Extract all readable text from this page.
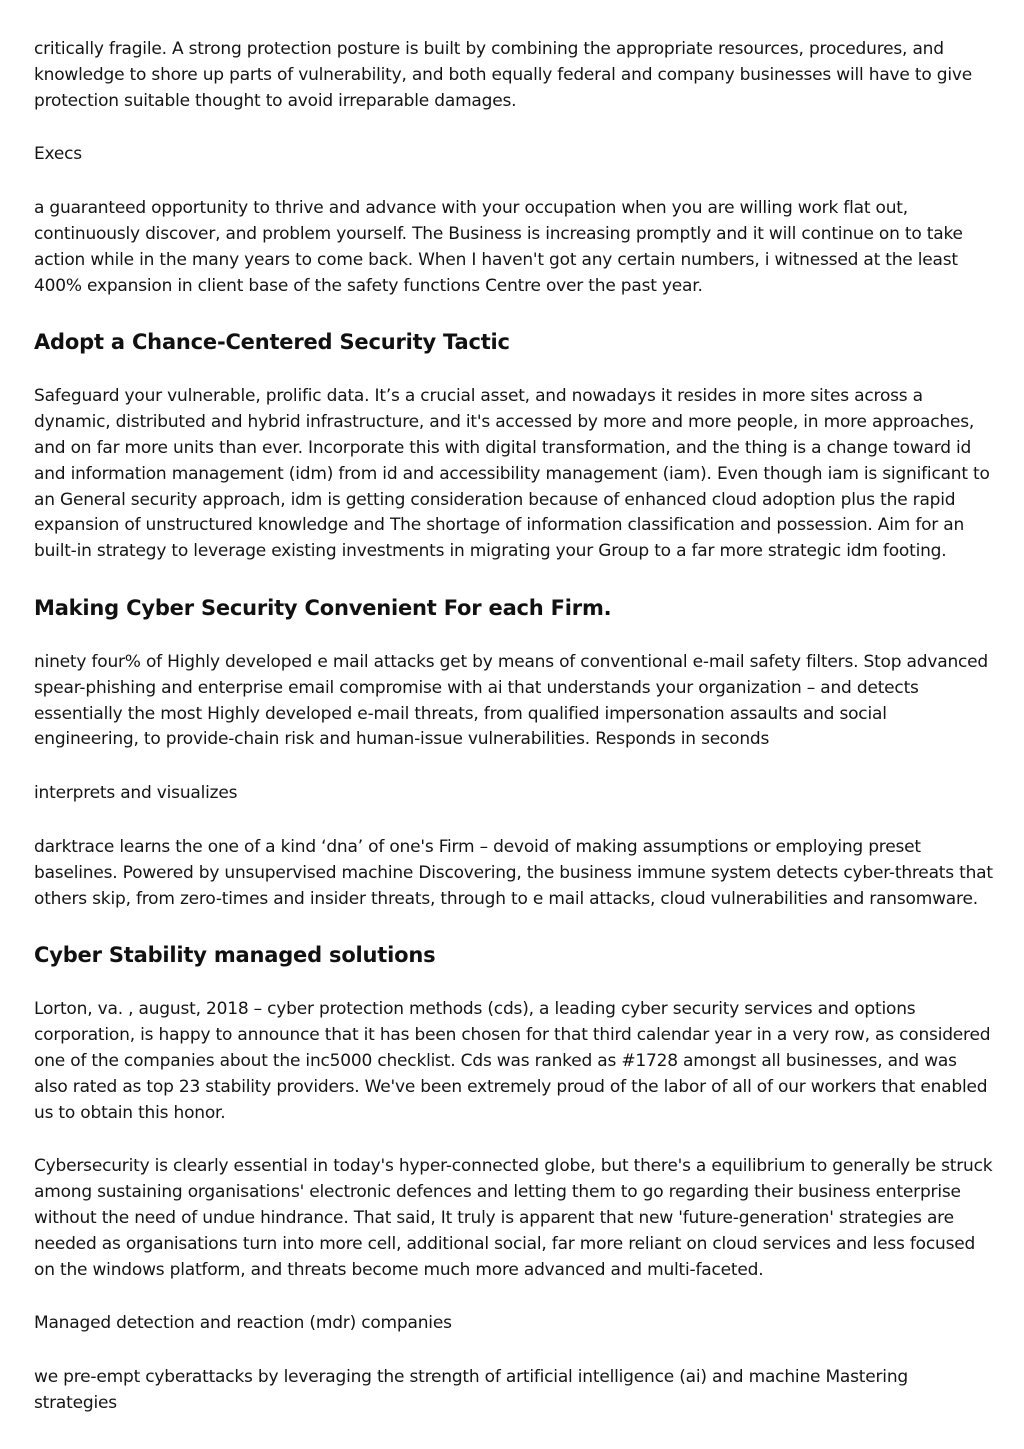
critically fragile. A strong protection posture is built by combining the appropriate resources, procedures, and knowledge to shore up parts of vulnerability, and both equally federal and company businesses will have to give protection suitable thought to avoid irreparable damages.

Execs

a guaranteed opportunity to thrive and advance with your occupation when you are willing work flat out, continuously discover, and problem yourself. The Business is increasing promptly and it will continue on to take action while in the many years to come back. When I haven't got any certain numbers, i witnessed at the least 400% expansion in client base of the safety functions Centre over the past year.

Adopt a Chance-Centered Security Tactic

Safeguard your vulnerable, prolific data. It’s a crucial asset, and nowadays it resides in more sites across a dynamic, distributed and hybrid infrastructure, and it's accessed by more and more people, in more approaches, and on far more units than ever. Incorporate this with digital transformation, and the thing is a change toward id and information management (idm) from id and accessibility management (iam). Even though iam is significant to an General security approach, idm is getting consideration because of enhanced cloud adoption plus the rapid expansion of unstructured knowledge and The shortage of information classification and possession. Aim for an built-in strategy to leverage existing investments in migrating your Group to a far more strategic idm footing.

Making Cyber Security Convenient For each Firm.

ninety four% of Highly developed e mail attacks get by means of conventional e-mail safety filters. Stop advanced spear-phishing and enterprise email compromise with ai that understands your organization – and detects essentially the most Highly developed e-mail threats, from qualified impersonation assaults and social engineering, to provide-chain risk and human-issue vulnerabilities. Responds in seconds

interprets and visualizes

darktrace learns the one of a kind ‘dna’ of one's Firm – devoid of making assumptions or employing preset baselines. Powered by unsupervised machine Discovering, the business immune system detects cyber-threats that others skip, from zero-times and insider threats, through to e mail attacks, cloud vulnerabilities and ransomware.

Cyber Stability managed solutions

Lorton, va. , august, 2018 – cyber protection methods (cds), a leading cyber security services and options corporation, is happy to announce that it has been chosen for that third calendar year in a very row, as considered one of the companies about the inc5000 checklist. Cds was ranked as #1728 amongst all businesses, and was also rated as top 23 stability providers. We've been extremely proud of the labor of all of our workers that enabled us to obtain this honor.

Cybersecurity is clearly essential in today's hyper-connected globe, but there's a equilibrium to generally be struck among sustaining organisations' electronic defences and letting them to go regarding their business enterprise without the need of undue hindrance. That said, It truly is apparent that new 'future-generation' strategies are needed as organisations turn into more cell, additional social, far more reliant on cloud services and less focused on the windows platform, and threats become much more advanced and multi-faceted.

Managed detection and reaction (mdr) companies

we pre-empt cyberattacks by leveraging the strength of artificial intelligence (ai) and machine Mastering strategies
